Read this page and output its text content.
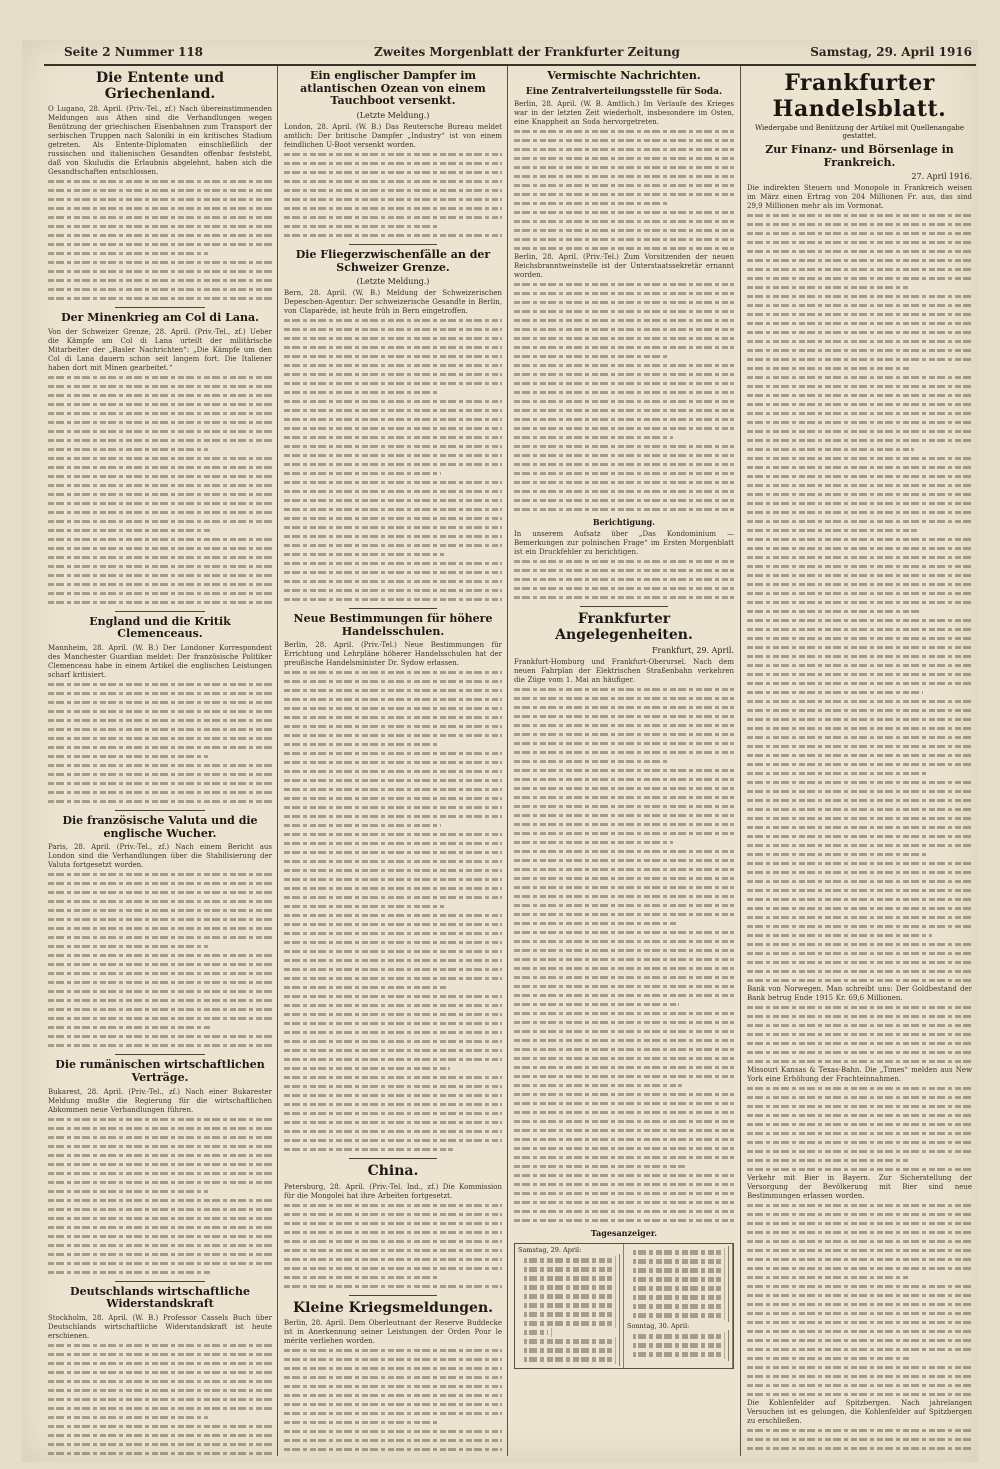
Seite 2 Nummer 118	Zweites Morgenblatt der Frankfurter Zeitung	Samstag, 29. April 1916
Die Entente und Griechenland.
O Lugano, 28. April. (Priv.-Tel., zf.) Nach übereinstimmenden Meldungen aus Athen sind die Verhandlungen wegen Benützung der griechischen Eisenbahnen zum Transport der serbischen Truppen nach Saloniki in ein kritisches Stadium getreten. Als Entente-Diplomaten einschließlich der russischen und italienischen Gesandten offenbar feststeht, daß von Skuludis die Erlaubnis abgelehnt, haben sich die Gesandtschaften entschlossen.
Der Minenkrieg am Col di Lana.
Von der Schweizer Grenze, 28. April. (Priv.-Tel., zf.) Ueber die Kämpfe am Col di Lana urteilt der militärische Mitarbeiter der „Basler Nachrichten“: „Die Kämpfe um den Col di Lana dauern schon seit langem fort. Die Italiener haben dort mit Minen gearbeitet.“
England und die Kritik Clemenceaus.
Mannheim, 28. April. (W. B.) Der Londoner Korrespondent des Manchester Guardian meldet: Der französische Politiker Clemenceau habe in einem Artikel die englischen Leistungen scharf kritisiert.
Die französische Valuta und die englische Wucher.
Paris, 28. April. (Priv.-Tel., zf.) Nach einem Bericht aus London sind die Verhandlungen über die Stabilisierung der Valuta fortgesetzt worden.
Die rumänischen wirtschaftlichen Verträge.
Bukarest, 28. April. (Priv.-Tel., zf.) Nach einer Bukarester Meldung mußte die Regierung für die wirtschaftlichen Abkommen neue Verhandlungen führen.
Deutschlands wirtschaftliche Widerstandskraft
Stockholm, 28. April. (W. B.) Professor Cassels Buch über Deutschlands wirtschaftliche Widerstandskraft ist heute erschienen.
Ein englischer Dampfer im atlantischen Ozean von einem Tauchboot versenkt.
(Letzte Meldung.)
London, 28. April. (W. B.) Das Reutersche Bureau meldet amtlich: Der britische Dampfer „Industry“ ist von einem feindlichen U-Boot versenkt worden.
Die Fliegerzwischenfälle an der Schweizer Grenze.
(Letzte Meldung.)
Bern, 28. April. (W. B.) Meldung der Schweizerischen Depeschen-Agentur: Der schweizerische Gesandte in Berlin, von Claparède, ist heute früh in Bern eingetroffen.
Neue Bestimmungen für höhere Handelsschulen.
Berlin, 28. April. (Priv.-Tel.) Neue Bestimmungen für Errichtung und Lehrpläne höherer Handelsschulen hat der preußische Handelsminister Dr. Sydow erlassen.
China.
Petersburg, 28. April. (Priv.-Tel. Ind., zf.) Die Kommission für die Mongolei hat ihre Arbeiten fortgesetzt.
Kleine Kriegsmeldungen.
Berlin, 28. April. Dem Oberleutnant der Reserve Buddecke ist in Anerkennung seiner Leistungen der Orden Pour le mérite verliehen worden.
Vermischte Nachrichten.
Eine Zentralverteilungsstelle für Soda.
Berlin, 28. April. (W. B. Amtlich.) Im Verlaufe des Krieges war in der letzten Zeit wiederholt, insbesondere im Osten, eine Knappheit an Soda hervorgetreten.
Berlin, 28. April. (Priv.-Tel.) Zum Vorsitzenden der neuen Reichsbranntweinstelle ist der Unterstaatssekretär ernannt worden.
Berichtigung.
In unserem Aufsatz über „Das Kondominium — Bemerkungen zur polnischen Frage“ im Ersten Morgenblatt ist ein Druckfehler zu berichtigen.
Frankfurter Angelegenheiten.
Frankfurt, 29. April.
Frankfurt-Homburg und Frankfurt-Oberursel. Nach dem neuen Fahrplan der Elektrischen Straßenbahn verkehren die Züge vom 1. Mai an häufiger.
Tagesanzeiger.
Samstag, 29. April:
Sonntag, 30. April:
Frankfurter Handelsblatt.
Wiedergabe und Benützung der Artikel mit Quellenangabe gestattet.
Zur Finanz- und Börsenlage in Frankreich.
27. April 1916.
Die indirekten Steuern und Monopole in Frankreich weisen im März einen Ertrag von 204 Millionen Fr. aus, das sind 29,9 Millionen mehr als im Vormonat.
Bank von Norwegen. Man schreibt uns: Der Goldbestand der Bank betrug Ende 1915 Kr. 69,6 Millionen.
Missouri Kansas & Texas-Bahn. Die „Times“ melden aus New York eine Erhöhung der Frachteinnahmen.
Verkehr mit Bier in Bayern. Zur Sicherstellung der Versorgung der Bevölkerung mit Bier sind neue Bestimmungen erlassen worden.
Die Kohlenfelder auf Spitzbergen. Nach jahrelangen Versuchen ist es gelungen, die Kohlenfelder auf Spitzbergen zu erschließen.
